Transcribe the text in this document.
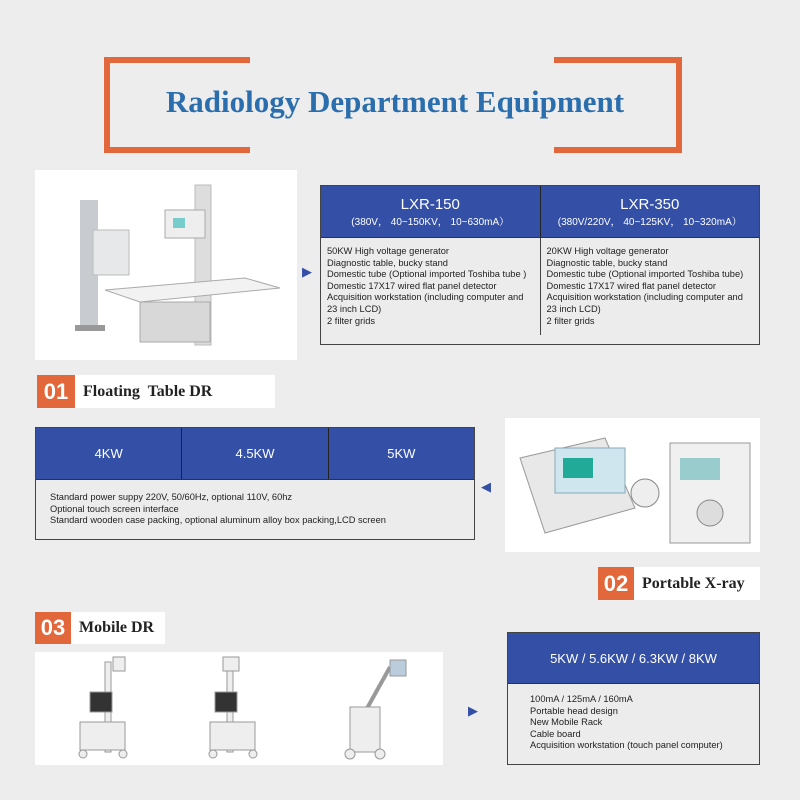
Radiology Department Equipment
▶
LXR-150
(380V， 40~150KV， 10~630mA）
LXR-350
(380V/220V， 40~125KV， 10~320mA）
50KW High voltage generator
Diagnostic table, bucky stand
Domestic tube (Optional imported Toshiba tube )
Domestic 17X17 wired flat panel detector
Acquisition workstation (including computer and 23 inch LCD)
2 filter grids
20KW High voltage generator
Diagnostic table, bucky stand
Domestic tube (Optional imported Toshiba tube)
Domestic 17X17 wired flat panel detector
Acquisition workstation (including computer and 23 inch LCD)
2 filter grids
01 Floating  Table DR
4KW	4.5KW	5KW
Standard power suppy 220V, 50/60Hz, optional 110V, 60hz
Optional touch screen interface
Standard wooden case packing, optional aluminum alloy box packing,LCD screen
◀
02 Portable X-ray
03 Mobile DR
▶
5KW / 5.6KW / 6.3KW / 8KW
100mA / 125mA / 160mA
Portable head design
New Mobile Rack
Cable board
Acquisition workstation (touch panel computer)
